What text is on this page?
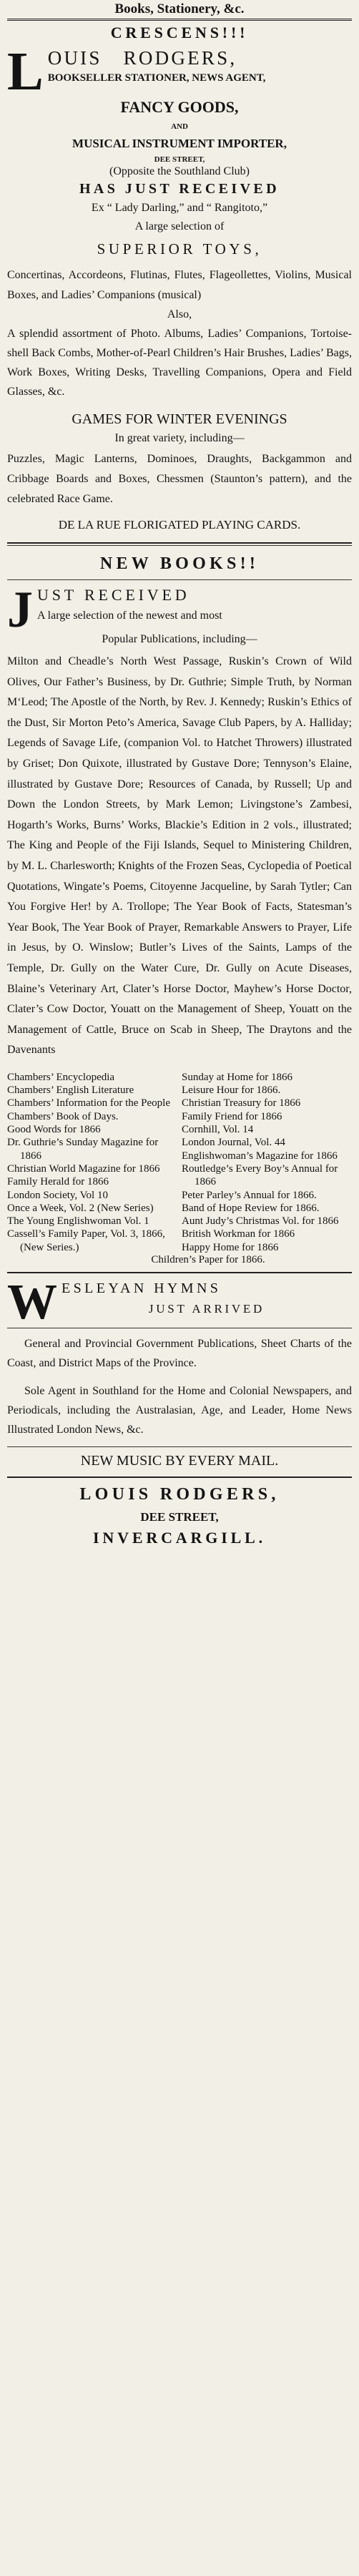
Books, Stationery, &c.
CRESCENS!!!
L OUIS   RODGERS,
BOOKSELLER STATIONER, NEWS AGENT,
FANCY GOODS,
AND
MUSICAL INSTRUMENT IMPORTER,
DEE STREET,
(Opposite the Southland Club)
HAS JUST RECEIVED
Ex “ Lady Darling,” and “ Rangitoto,”
A large selection of
SUPERIOR TOYS,

Concertinas, Accordeons, Flutinas, Flutes, Flageollettes, Violins, Musical Boxes, and Ladies’ Companions (musical)

Also,

A splendid assortment of Photo. Albums, Ladies’ Companions, Tortoise-shell Back Combs, Mother-of-Pearl Children’s Hair Brushes, Ladies’ Bags, Work Boxes, Writing Desks, Travelling Companions, Opera and Field Glasses, &c.

GAMES FOR WINTER EVENINGS
In great variety, including—

Puzzles, Magic Lanterns, Dominoes, Draughts, Backgammon and Cribbage Boards and Boxes, Chessmen (Staunton’s pattern), and the celebrated Race Game.

DE LA RUE FLORIGATED PLAYING CARDS.
NEW BOOKS!!
J UST RECEIVED
A large selection of the newest and most
Popular Publications, including—

Milton and Cheadle’s North West Passage, Ruskin’s Crown of Wild Olives, Our Father’s Business, by Dr. Guthrie; Simple Truth, by Norman M‘Leod; The Apostle of the North, by Rev. J. Kennedy; Ruskin’s Ethics of the Dust, Sir Morton Peto’s America, Savage Club Papers, by A. Halliday; Legends of Savage Life, (companion Vol. to Hatchet Throwers) illustrated by Griset; Don Quixote, illustrated by Gustave Dore; Tennyson’s Elaine, illustrated by Gustave Dore; Resources of Canada, by Russell; Up and Down the London Streets, by Mark Lemon; Livingstone’s Zambesi, Hogarth’s Works, Burns’ Works, Blackie’s Edition in 2 vols., illustrated; The King and People of the Fiji Islands, Sequel to Ministering Children, by M. L. Charlesworth; Knights of the Frozen Seas, Cyclopedia of Poetical Quotations, Wingate’s Poems, Citoyenne Jacqueline, by Sarah Tytler; Can You Forgive Her! by A. Trollope; The Year Book of Facts, Statesman’s Year Book, The Year Book of Prayer, Remarkable Answers to Prayer, Life in Jesus, by O. Winslow; Butler’s Lives of the Saints, Lamps of the Temple, Dr. Gully on the Water Cure, Dr. Gully on Acute Diseases, Blaine’s Veterinary Art, Clater’s Horse Doctor, Mayhew’s Horse Doctor, Clater’s Cow Doctor, Youatt on the Management of Sheep, Youatt on the Management of Cattle, Bruce on Scab in Sheep, The Draytons and the Davenants

Chambers’ Encyclopedia
Chambers’ English Literature
Chambers’ Information for the People
Chambers’ Book of Days.
Good Words for 1866
Dr. Guthrie’s Sunday Magazine for 1866
Christian World Magazine for 1866
Family Herald for 1866
London Society, Vol 10
Once a Week, Vol. 2 (New Series)
The Young Englishwoman Vol. 1
Cassell’s Family Paper, Vol. 3, 1866, (New Series.)
Sunday at Home for 1866
Leisure Hour for 1866.
Christian Treasury for 1866
Family Friend for 1866
Cornhill, Vol. 14
London Journal, Vol. 44
Englishwoman’s Magazine for 1866
Routledge’s Every Boy’s Annual for 1866
Peter Parley’s Annual for 1866.
Band of Hope Review for 1866.
Aunt Judy’s Christmas Vol. for 1866
British Workman for 1866
Happy Home for 1866
Children’s Paper for 1866.
W ESLEYAN HYMNS
JUST ARRIVED

General and Provincial Government Publications, Sheet Charts of the Coast, and District Maps of the Province.

Sole Agent in Southland for the Home and Colonial Newspapers, and Periodicals, including the Australasian, Age, and Leader, Home News Illustrated London News, &c.

NEW MUSIC BY EVERY MAIL.
LOUIS RODGERS,
DEE STREET,
INVERCARGILL.
